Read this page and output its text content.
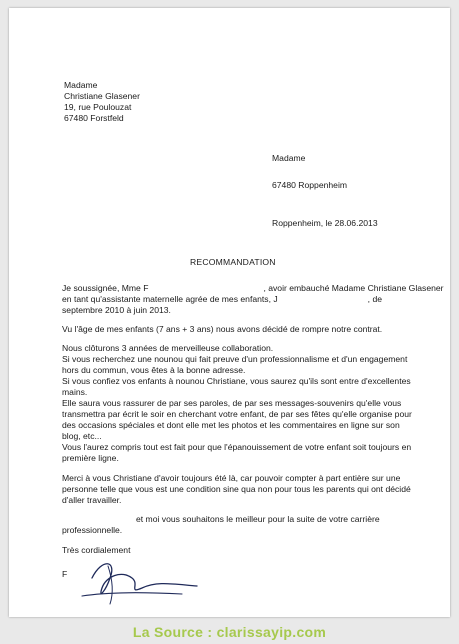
Madame
Christiane Glasener
19, rue Poulouzat
67480 Forstfeld
Madame
67480 Roppenheim
Roppenheim, le 28.06.2013
RECOMMANDATION
Je soussignée, Mme F	, avoir embauché Madame Christiane Glasener
en tant qu'assistante maternelle agrée de mes enfants, J	, de
septembre 2010 à juin 2013.
Vu l'âge de mes enfants (7 ans + 3 ans) nous avons décidé de rompre notre contrat.
Nous clôturons 3 années de merveilleuse collaboration.
Si vous recherchez une nounou qui fait preuve d'un professionnalisme et d'un engagement
hors du commun, vous êtes à la bonne adresse.
Si vous confiez vos enfants à nounou Christiane, vous saurez qu'ils sont entre d'excellentes
mains.
Elle saura vous rassurer de par ses paroles, de par ses messages-souvenirs qu'elle vous
transmettra par écrit le soir en cherchant votre enfant, de par ses fêtes qu'elle organise pour
des occasions spéciales et dont elle met les photos et les commentaires en ligne sur son
blog, etc...
Vous l'aurez compris tout est fait pour que l'épanouissement de votre enfant soit toujours en
première ligne.
Merci à vous Christiane d'avoir toujours été là, car pouvoir compter à part entière sur une
personne telle que vous est une condition sine qua non pour tous les parents qui ont décidé
d'aller travailler.
et moi vous souhaitons le meilleur pour la suite de votre carrière
professionnelle.
Très cordialement
F
La Source : clarissayip.com
